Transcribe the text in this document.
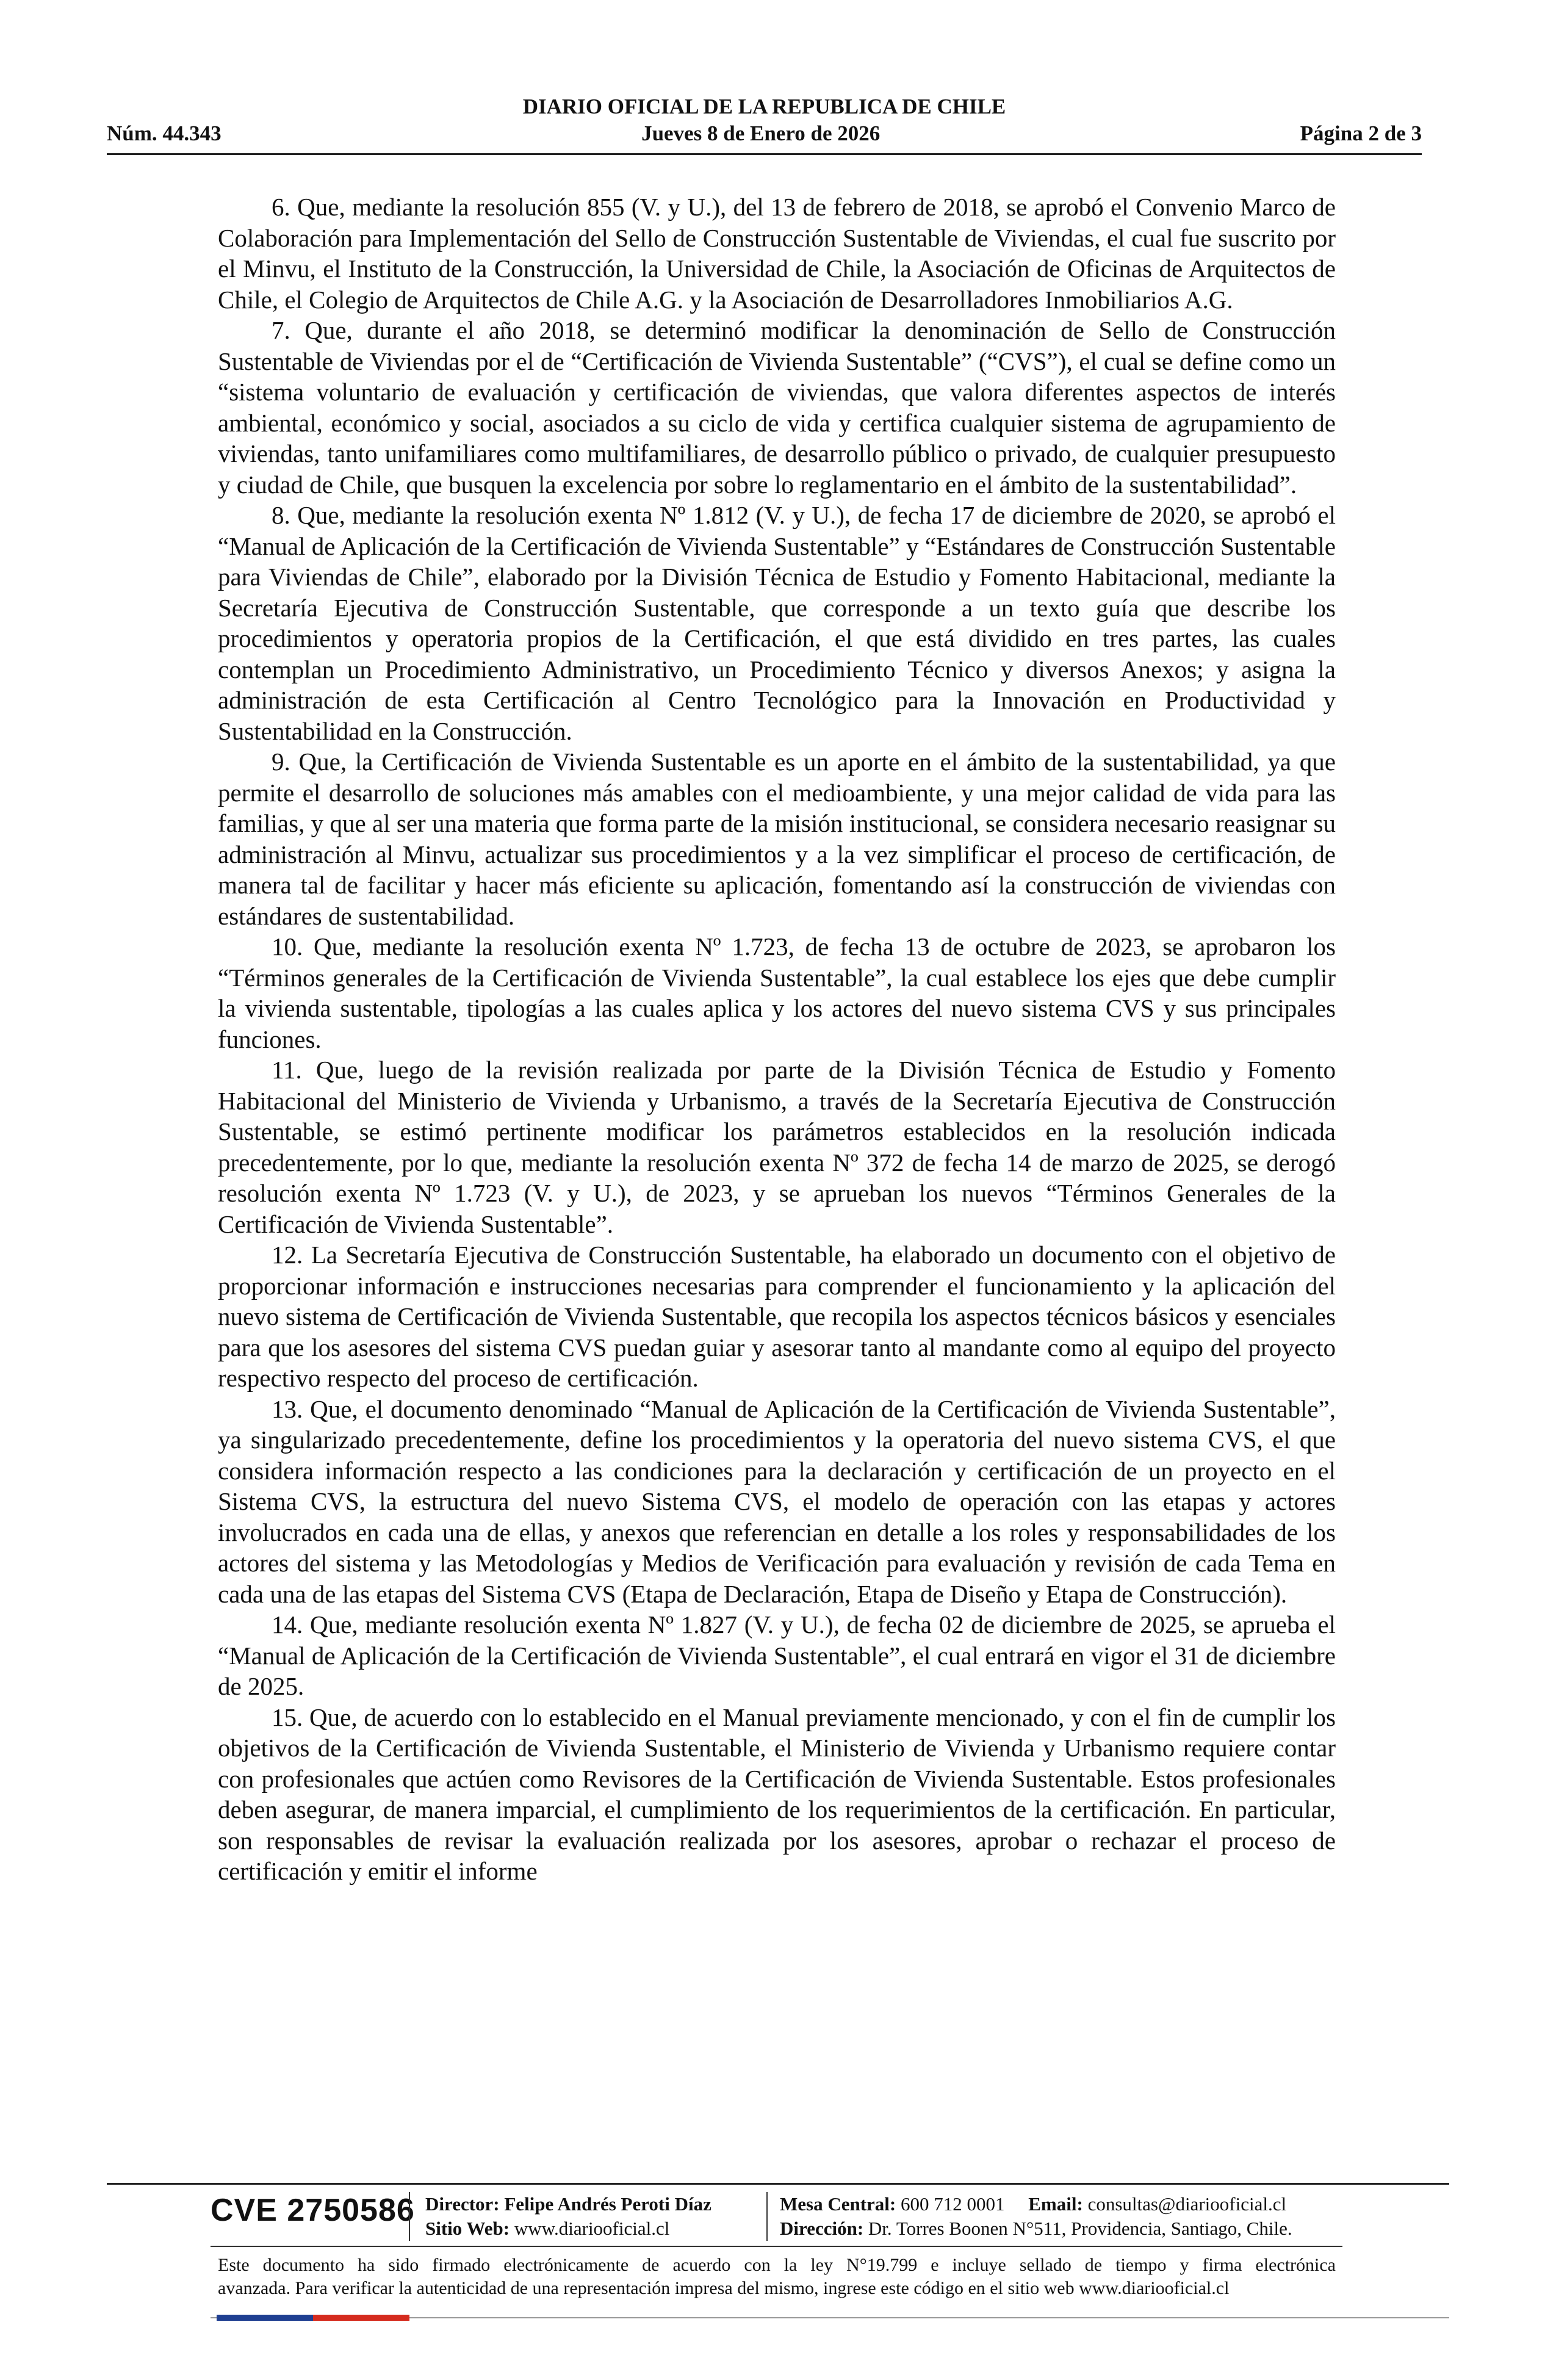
DIARIO OFICIAL DE LA REPUBLICA DE CHILE
Núm. 44.343	Jueves 8 de Enero de 2026	Página 2 de 3

6. Que, mediante la resolución 855 (V. y U.), del 13 de febrero de 2018, se aprobó el Convenio Marco de Colaboración para Implementación del Sello de Construcción Sustentable de Viviendas, el cual fue suscrito por el Minvu, el Instituto de la Construcción, la Universidad de Chile, la Asociación de Oficinas de Arquitectos de Chile, el Colegio de Arquitectos de Chile A.G. y la Asociación de Desarrolladores Inmobiliarios A.G.

7. Que, durante el año 2018, se determinó modificar la denominación de Sello de Construcción Sustentable de Viviendas por el de “Certificación de Vivienda Sustentable” (“CVS”), el cual se define como un “sistema voluntario de evaluación y certificación de viviendas, que valora diferentes aspectos de interés ambiental, económico y social, asociados a su ciclo de vida y certifica cualquier sistema de agrupamiento de viviendas, tanto unifamiliares como multifamiliares, de desarrollo público o privado, de cualquier presupuesto y ciudad de Chile, que busquen la excelencia por sobre lo reglamentario en el ámbito de la sustentabilidad”.

8. Que, mediante la resolución exenta Nº 1.812 (V. y U.), de fecha 17 de diciembre de 2020, se aprobó el “Manual de Aplicación de la Certificación de Vivienda Sustentable” y “Estándares de Construcción Sustentable para Viviendas de Chile”, elaborado por la División Técnica de Estudio y Fomento Habitacional, mediante la Secretaría Ejecutiva de Construcción Sustentable, que corresponde a un texto guía que describe los procedimientos y operatoria propios de la Certificación, el que está dividido en tres partes, las cuales contemplan un Procedimiento Administrativo, un Procedimiento Técnico y diversos Anexos; y asigna la administración de esta Certificación al Centro Tecnológico para la Innovación en Productividad y Sustentabilidad en la Construcción.

9. Que, la Certificación de Vivienda Sustentable es un aporte en el ámbito de la sustentabilidad, ya que permite el desarrollo de soluciones más amables con el medioambiente, y una mejor calidad de vida para las familias, y que al ser una materia que forma parte de la misión institucional, se considera necesario reasignar su administración al Minvu, actualizar sus procedimientos y a la vez simplificar el proceso de certificación, de manera tal de facilitar y hacer más eficiente su aplicación, fomentando así la construcción de viviendas con estándares de sustentabilidad.

10. Que, mediante la resolución exenta Nº 1.723, de fecha 13 de octubre de 2023, se aprobaron los “Términos generales de la Certificación de Vivienda Sustentable”, la cual establece los ejes que debe cumplir la vivienda sustentable, tipologías a las cuales aplica y los actores del nuevo sistema CVS y sus principales funciones.

11. Que, luego de la revisión realizada por parte de la División Técnica de Estudio y Fomento Habitacional del Ministerio de Vivienda y Urbanismo, a través de la Secretaría Ejecutiva de Construcción Sustentable, se estimó pertinente modificar los parámetros establecidos en la resolución indicada precedentemente, por lo que, mediante la resolución exenta Nº 372 de fecha 14 de marzo de 2025, se derogó resolución exenta Nº 1.723 (V. y U.), de 2023, y se aprueban los nuevos “Términos Generales de la Certificación de Vivienda Sustentable”.

12. La Secretaría Ejecutiva de Construcción Sustentable, ha elaborado un documento con el objetivo de proporcionar información e instrucciones necesarias para comprender el funcionamiento y la aplicación del nuevo sistema de Certificación de Vivienda Sustentable, que recopila los aspectos técnicos básicos y esenciales para que los asesores del sistema CVS puedan guiar y asesorar tanto al mandante como al equipo del proyecto respectivo respecto del proceso de certificación.

13. Que, el documento denominado “Manual de Aplicación de la Certificación de Vivienda Sustentable”, ya singularizado precedentemente, define los procedimientos y la operatoria del nuevo sistema CVS, el que considera información respecto a las condiciones para la declaración y certificación de un proyecto en el Sistema CVS, la estructura del nuevo Sistema CVS, el modelo de operación con las etapas y actores involucrados en cada una de ellas, y anexos que referencian en detalle a los roles y responsabilidades de los actores del sistema y las Metodologías y Medios de Verificación para evaluación y revisión de cada Tema en cada una de las etapas del Sistema CVS (Etapa de Declaración, Etapa de Diseño y Etapa de Construcción).

14. Que, mediante resolución exenta Nº 1.827 (V. y U.), de fecha 02 de diciembre de 2025, se aprueba el “Manual de Aplicación de la Certificación de Vivienda Sustentable”, el cual entrará en vigor el 31 de diciembre de 2025.

15. Que, de acuerdo con lo establecido en el Manual previamente mencionado, y con el fin de cumplir los objetivos de la Certificación de Vivienda Sustentable, el Ministerio de Vivienda y Urbanismo requiere contar con profesionales que actúen como Revisores de la Certificación de Vivienda Sustentable. Estos profesionales deben asegurar, de manera imparcial, el cumplimiento de los requerimientos de la certificación. En particular, son responsables de revisar la evaluación realizada por los asesores, aprobar o rechazar el proceso de certificación y emitir el informe

CVE 2750586 Director: Felipe Andrés Peroti Díaz
Sitio Web: www.diariooficial.cl
Mesa Central: 600 712 0001 Email: consultas@diariooficial.cl
Dirección: Dr. Torres Boonen N°511, Providencia, Santiago, Chile.
Este documento ha sido firmado electrónicamente de acuerdo con la ley N°19.799 e incluye sellado de tiempo y firma electrónica
avanzada. Para verificar la autenticidad de una representación impresa del mismo, ingrese este código en el sitio web www.diariooficial.cl
